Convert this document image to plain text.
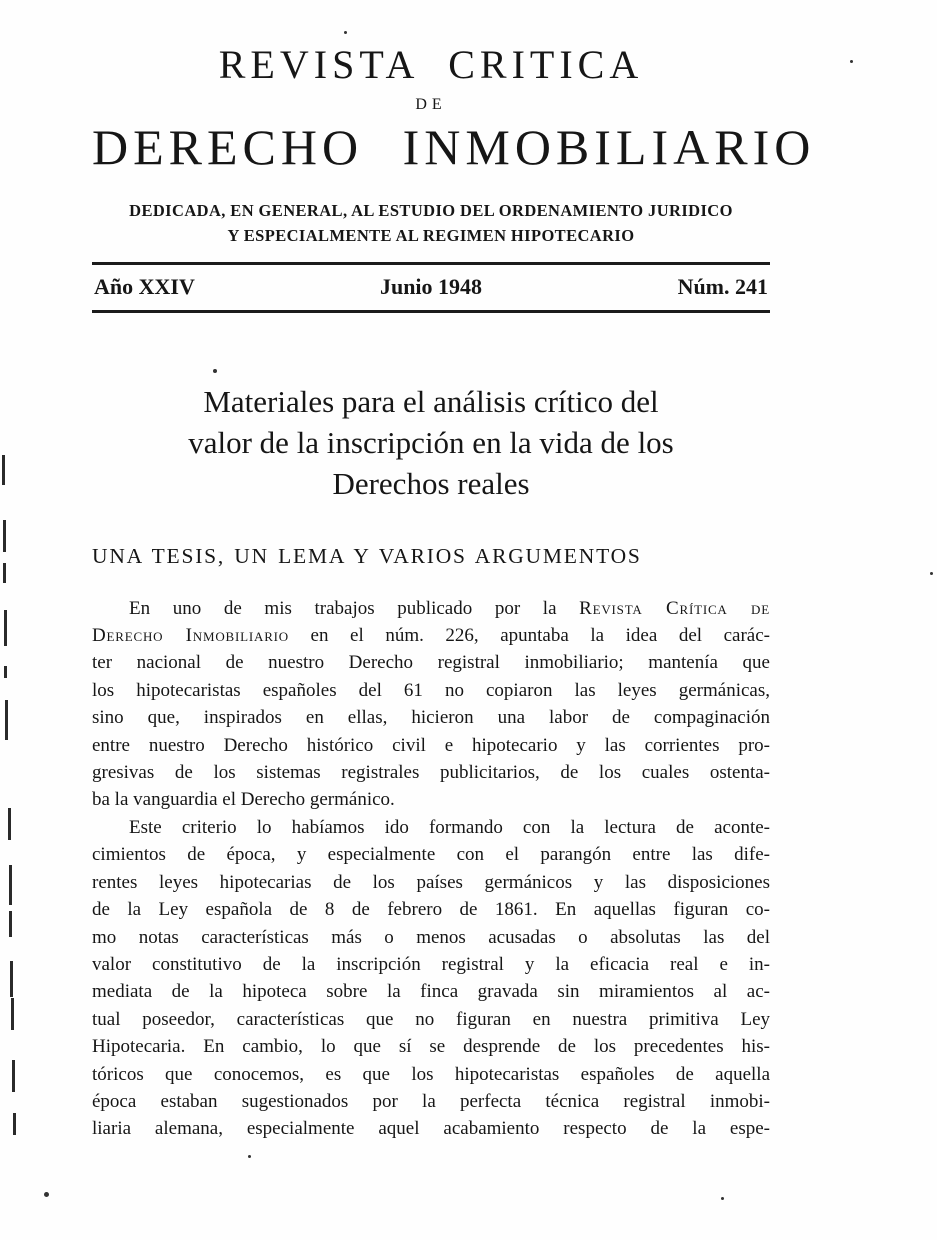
REVISTA CRITICA
DE
DERECHO INMOBILIARIO
DEDICADA, EN GENERAL, AL ESTUDIO DEL ORDENAMIENTO JURIDICO
Y ESPECIALMENTE AL REGIMEN HIPOTECARIO
Año XXIV	Junio 1948	Núm. 241
Materiales para el análisis crítico del
valor de la inscripción en la vida de los
Derechos reales
UNA TESIS, UN LEMA Y VARIOS ARGUMENTOS
En uno de mis trabajos publicado por la Revista Crítica de
Derecho Inmobiliario en el núm. 226, apuntaba la idea del carác-
ter nacional de nuestro Derecho registral inmobiliario; mantenía que
los hipotecaristas españoles del 61 no copiaron las leyes germánicas,
sino que, inspirados en ellas, hicieron una labor de compaginación
entre nuestro Derecho histórico civil e hipotecario y las corrientes pro-
gresivas de los sistemas registrales publicitarios, de los cuales ostenta-
ba la vanguardia el Derecho germánico.
Este criterio lo habíamos ido formando con la lectura de aconte-
cimientos de época, y especialmente con el parangón entre las dife-
rentes leyes hipotecarias de los países germánicos y las disposiciones
de la Ley española de 8 de febrero de 1861. En aquellas figuran co-
mo notas características más o menos acusadas o absolutas las del
valor constitutivo de la inscripción registral y la eficacia real e in-
mediata de la hipoteca sobre la finca gravada sin miramientos al ac-
tual poseedor, características que no figuran en nuestra primitiva Ley
Hipotecaria. En cambio, lo que sí se desprende de los precedentes his-
tóricos que conocemos, es que los hipotecaristas españoles de aquella
época estaban sugestionados por la perfecta técnica registral inmobi-
liaria alemana, especialmente aquel acabamiento respecto de la espe-
